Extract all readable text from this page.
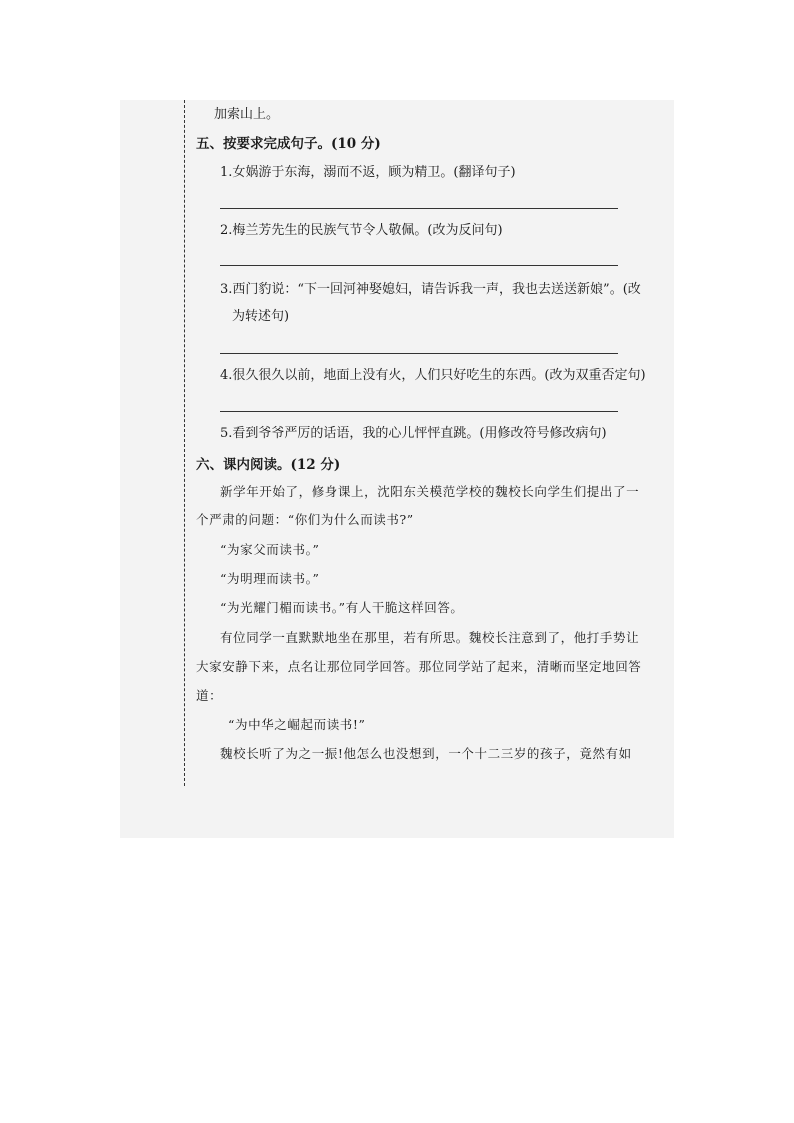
加索山上。
五、按要求完成句子。(10 分)
1.女娲游于东海，溺而不返，顾为精卫。(翻译句子)
2.梅兰芳先生的民族气节令人敬佩。(改为反问句)
3.西门豹说：“下一回河神娶媳妇，请告诉我一声，我也去送送新娘”。(改
为转述句)
4.很久很久以前，地面上没有火，人们只好吃生的东西。(改为双重否定句)
5.看到爷爷严厉的话语，我的心儿怦怦直跳。(用修改符号修改病句)
六、课内阅读。(12 分)
新学年开始了，修身课上，沈阳东关模范学校的魏校长向学生们提出了一
个严肃的问题：“你们为什么而读书?”
“为家父而读书。”
“为明理而读书。”
“为光耀门楣而读书。”有人干脆这样回答。
有位同学一直默默地坐在那里，若有所思。魏校长注意到了，他打手势让
大家安静下来，点名让那位同学回答。那位同学站了起来，清晰而坚定地回答
道：
“为中华之崛起而读书!”
魏校长听了为之一振!他怎么也没想到，一个十二三岁的孩子，竟然有如
